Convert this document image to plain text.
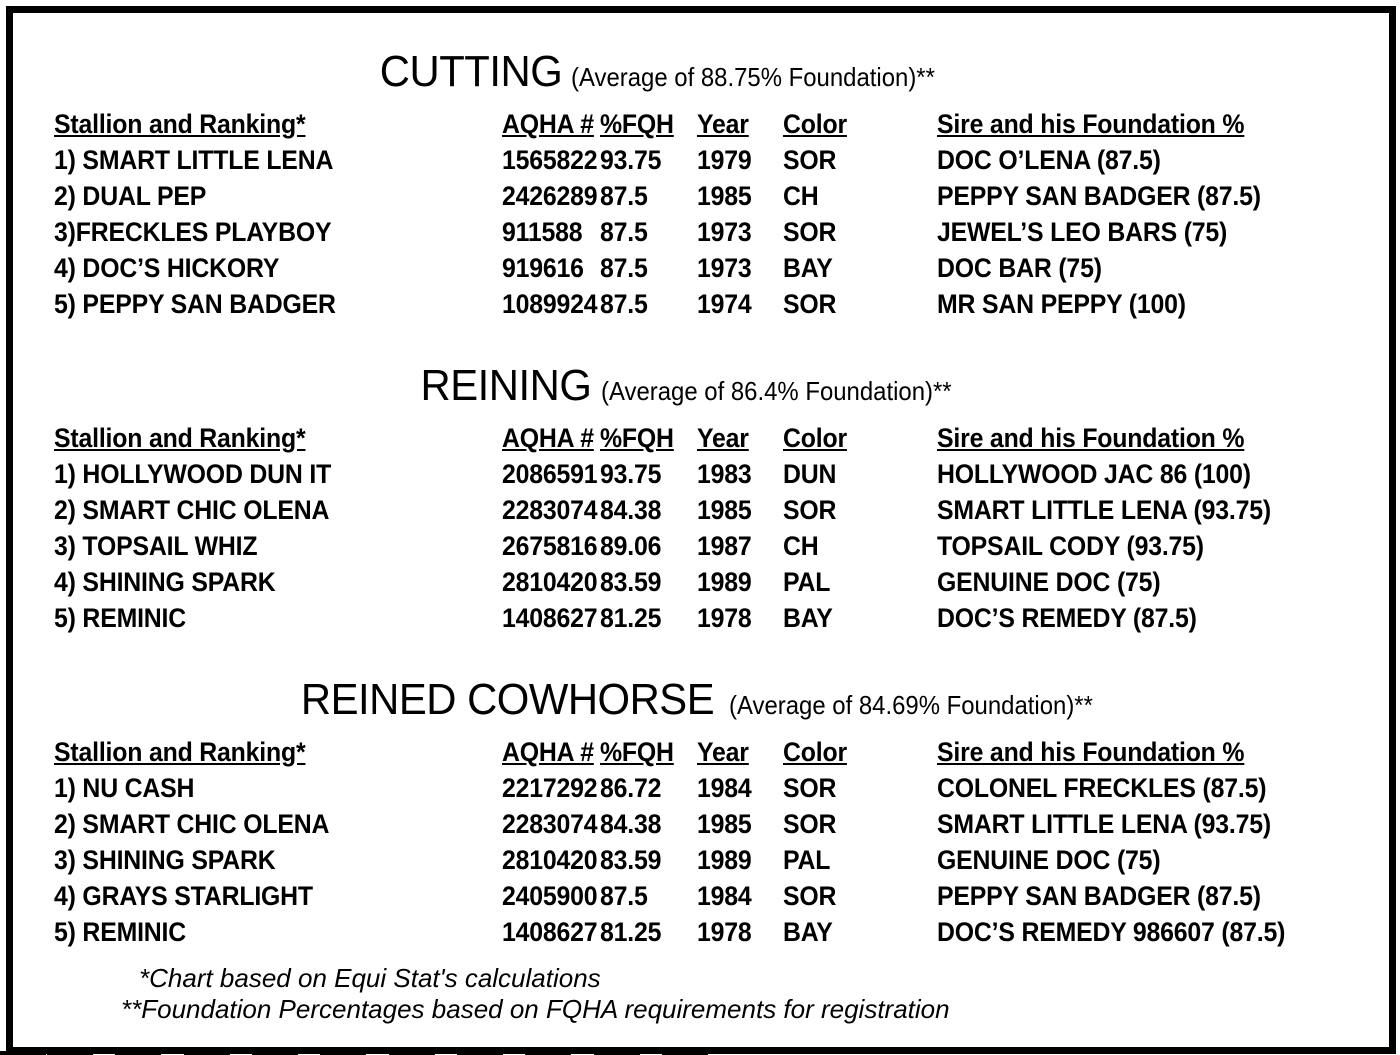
CUTTING (Average of 88.75% Foundation)**
Stallion and Ranking*	AQHA # %FQH Year Color	Sire and his Foundation %
1) SMART LITTLE LENA	1565822 93.75 1979 SOR	DOC O’LENA (87.5)
2) DUAL PEP	2426289 87.5 1985 CH	PEPPY SAN BADGER (87.5)
3)FRECKLES PLAYBOY	911588 87.5 1973 SOR	JEWEL’S LEO BARS (75)
4) DOC’S HICKORY	919616 87.5 1973 BAY	DOC BAR (75)
5) PEPPY SAN BADGER	1089924 87.5 1974 SOR	MR SAN PEPPY (100)
REINING (Average of 86.4% Foundation)**
Stallion and Ranking*	AQHA # %FQH Year Color	Sire and his Foundation %
1) HOLLYWOOD DUN IT	2086591 93.75 1983 DUN	HOLLYWOOD JAC 86 (100)
2) SMART CHIC OLENA	2283074 84.38 1985 SOR	SMART LITTLE LENA (93.75)
3) TOPSAIL WHIZ	2675816 89.06 1987 CH	TOPSAIL CODY (93.75)
4) SHINING SPARK	2810420 83.59 1989 PAL	GENUINE DOC (75)
5) REMINIC	1408627 81.25 1978 BAY	DOC’S REMEDY (87.5)
REINED COWHORSE (Average of 84.69% Foundation)**
Stallion and Ranking*	AQHA # %FQH Year Color	Sire and his Foundation %
1) NU CASH	2217292 86.72 1984 SOR	COLONEL FRECKLES (87.5)
2) SMART CHIC OLENA	2283074 84.38 1985 SOR	SMART LITTLE LENA (93.75)
3) SHINING SPARK	2810420 83.59 1989 PAL	GENUINE DOC (75)
4) GRAYS STARLIGHT	2405900 87.5 1984 SOR	PEPPY SAN BADGER (87.5)
5) REMINIC	1408627 81.25 1978 BAY	DOC’S REMEDY 986607 (87.5)
*Chart based on Equi Stat's calculations
**Foundation Percentages based on FQHA requirements for registration
